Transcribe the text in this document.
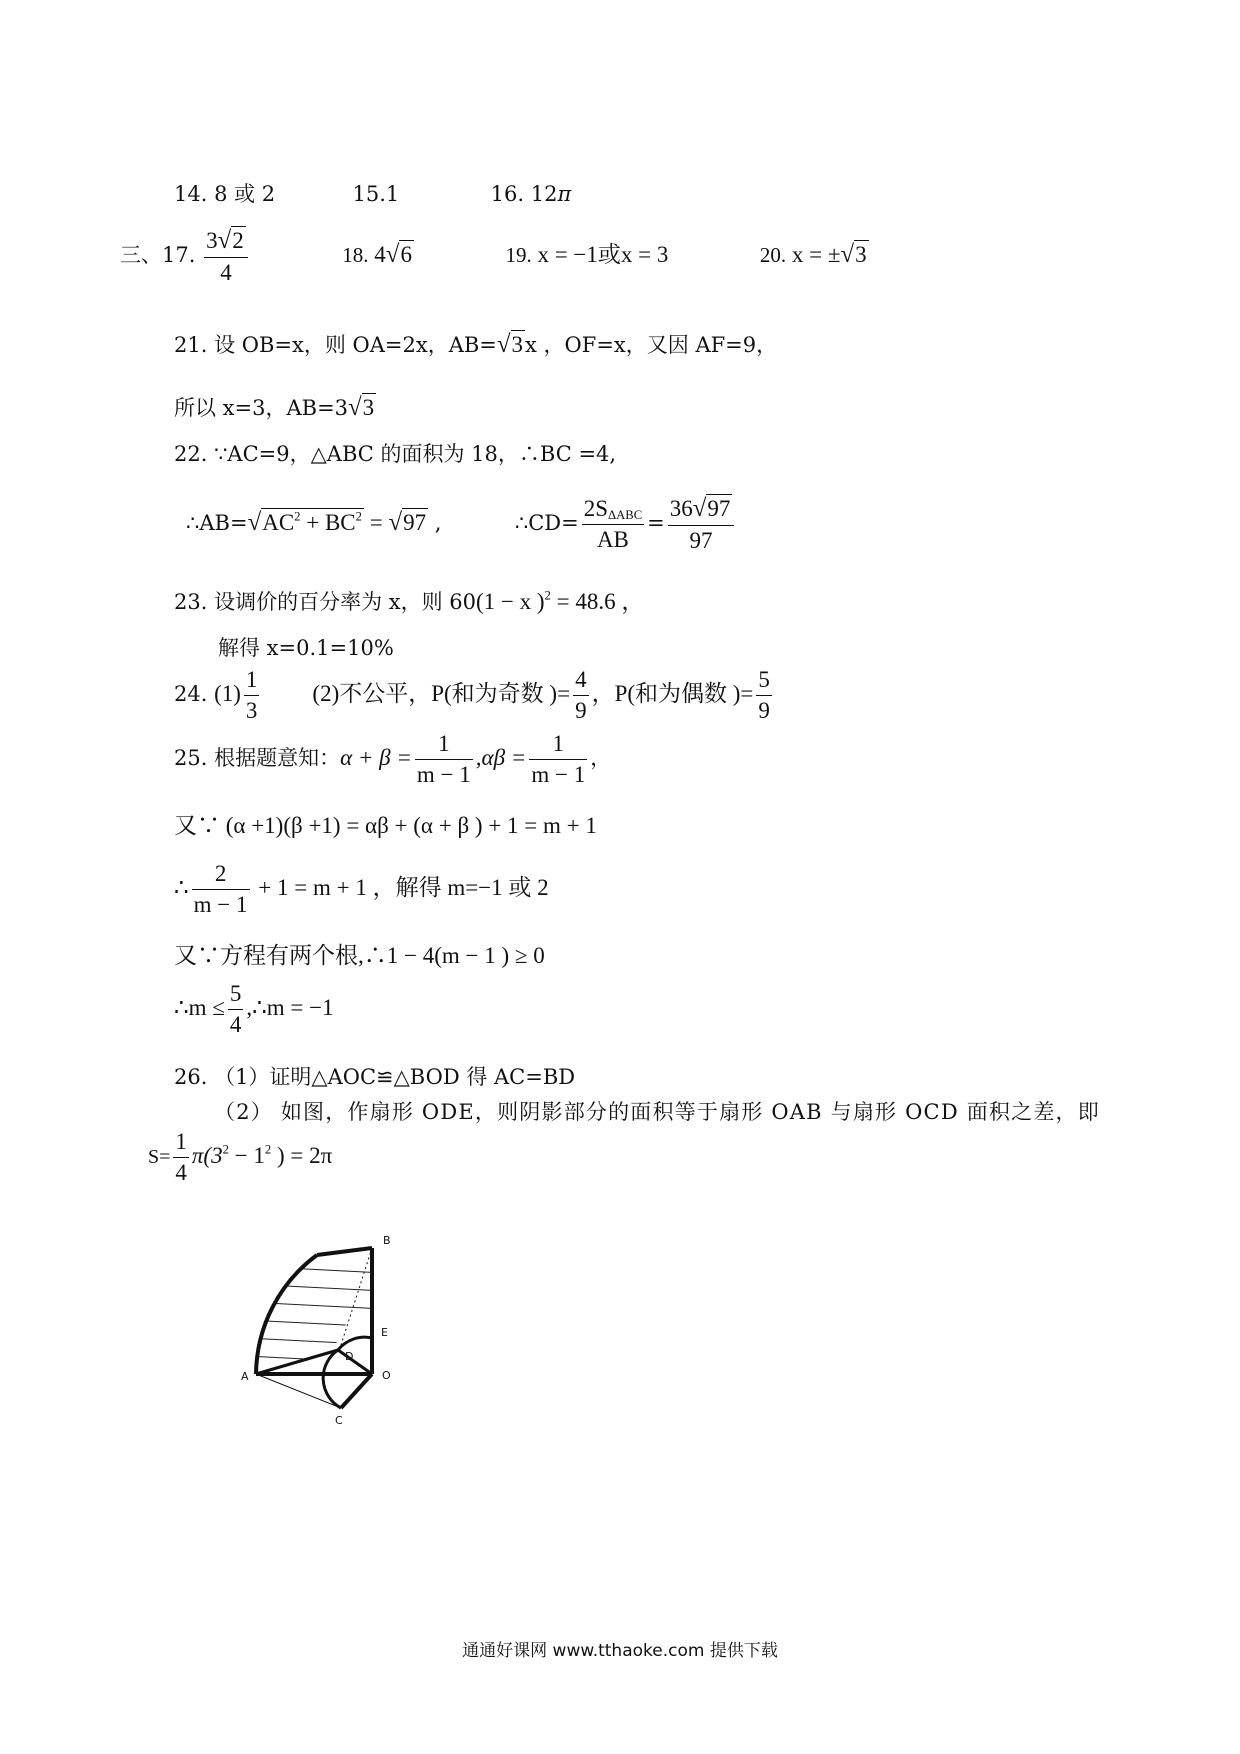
14. 8 或 2	15.1	16. 12π
三、17. $\frac{3√2}{4}$	18. 4√6	19. x = −1或x = 3	20. x = ±√3
21. 设 OB=x，则 OA=2x，AB=√3x ，OF=x，又因 AF=9，
所以 x=3，AB=3√3
22. ∵AC=9，△ABC 的面积为 18，∴BC =4,
$\therefore AB=√AC^2 + BC^2 = √97$ ,	∴CD= $\frac{2S_{\Delta ABC}}{AB} = \frac{36√97}{97}$
23. 设调价的百分率为 x，则 60(1 − x )$^2$ = 48.6 ，
解得 x=0.1=10%
24. $(1) \frac{1}{3} (2)$不公平，P(和为奇数 )= $\frac{4}{9}$ ，P(和为偶数 )= $\frac{5}{9}$
25. 根据题意知：$\alpha + \beta = \frac{1}{m - 1} ,\alpha\beta = \frac{1}{m - 1}$ ，
又∵ (α +1)(β +1) = αβ + (α + β ) + 1 = m + 1
∴ $\frac{2}{m - 1} + 1 = m + 1$ ，解得 m=−1 或 2
又∵方程有两个根,∴1 − 4(m − 1 ) ≥ 0
∴m ≤ $\frac{5}{4}$ ,∴m = −1
26. （1）证明△AOC≌△BOD 得 AC=BD
（2） 如图，作扇形 ODE，则阴影部分的面积等于扇形 OAB 与扇形 OCD 面积之差，即
$S= \frac{1}{4} \pi(3^2 - 1^2$ ) = 2π
A
B
C
D
E
O
通通好课网 www.tthaoke.com 提供下载
